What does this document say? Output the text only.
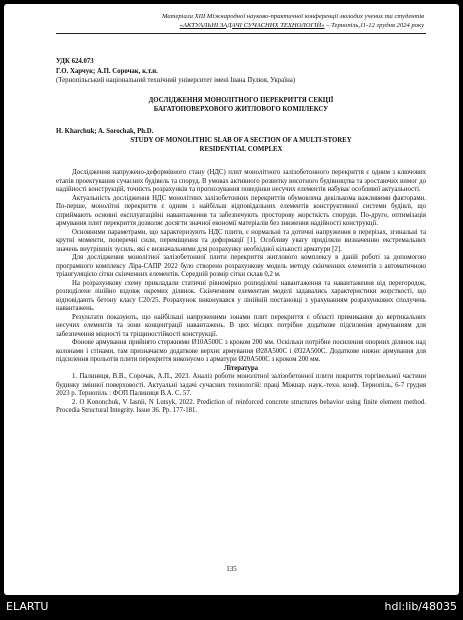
Матеріали XIII Міжнародної науково-практичної конференції молодих учених та студентів
«АКТУАЛЬНІ ЗАДАЧІ СУЧАСНИХ ТЕХНОЛОГІЙ» – Тернопіль,11-12 грудня 2024 року
УДК 624.073
Г.О. Харчук; А.П. Сорочак, к.т.н.
(Тернопільський національний технічний університет імені Івана Пулюя, Україна)
ДОСЛІДЖЕННЯ МОНОЛІТНОГО ПЕРЕКРИТТЯ СЕКЦІЇ
БАГАТОПОВЕРХОВОГО ЖИТЛОВОГО КОМПЛЕКСУ
H. Kharchuk; A. Sorochak, Ph.D.
STUDY OF MONOLITHIC SLAB OF A SECTION OF A MULTI-STOREY
RESIDENTIAL COMPLEX

Дослідження напружено-деформівного стану (НДС) плит монолітного залізобетонного перекриття є одним з ключових етапів проектування сучасних будівель та споруд. В умовах активного розвитку висотного будівництва та зростаючих вимог до надійності конструкцій, точність розрахунків та прогнозування поведінки несучих елементів набуває особливої актуальності.

Актуальність дослідження НДС монолітних залізобетонних перекриттів обумовлена декількома важливими факторами. По-перше, монолітні перекриття є одним з найбільш відповідальних елементів конструктивної системи будівлі, що сприймають основні експлуатаційні навантаження та забезпечують просторову жорсткість споруди. По-друге, оптимізація армування плит перекриття дозволяє досягти значної економії матеріалів без зниження надійності конструкції.

Основними параметрами, що характеризують НДС плити, є нормальні та дотичні напруження в перерізах, згинальні та крутні моменти, поперечні сили, переміщення та деформації [1]. Особливу увагу приділяли визначенню екстремальних значень внутрішніх зусиль, які є визначальними для розрахунку необхідної кількості арматури [2].

Для дослідження монолітної залізобетонної плити перекриття житлового комплексу в даній роботі за допомогою програмного комплексу Ліра-САПР 2022 було створено розрахункову модель методу скінченних елементів з автоматичною тріангуляцією сітки скінченних елементів. Середній розмір сітки склав 0,2 м.

На розрахункову схему прикладали статичні рівномірно розподілені навантаження та навантаження від перегородок, розподілене лінійно вздовж окремих ділянок. Скінченним елементам моделі задавались характеристики жорсткості, що відповідають бетону класу С20/25. Розрахунок виконувався у лінійній постановці з урахуванням розрахункових сполучень навантажень.

Результати показують, що найбільші напруженими зонами плит перекриття є області примикання до вертикальних несучих елементів та зони концентрації навантажень. В цих місцях потрібне додаткове підсилення армуванням для забезпечення міцності та тріщиностійкості конструкції.

Фонове армування прийнято стержнями Ø10А500С з кроком 200 мм. Оскільки потрібне посилення опорних ділянок над колонами і стінами, там призначаємо додаткове верхнє армування Ø28А500С і Ø32А500С. Додаткове нижнє армування для підсилення прольотів плити перекриття виконуємо з арматури Ø20А500С з кроком 200 мм.

Література

1. Палиниця, В.В., Сорочак, А.П., 2023. Аналіз роботи монолітної залізобетонної плити покриття торгівельної частини будинку змінної поверховості. Актуальні задачі сучасних технологій: праці Міжнар. наук.-техн. конф. Тернопіль, 6-7 грудня 2023 р. Тернопіль : ФОП Палиниця В.А. С. 57.

2. O Kononchuk, V Iasnii, N Lutsyk, 2022. Prediction of reinforced concrete structures behavior using finite element method. Procedia Structural Integrity. Issue 36. Pp. 177-181.

135
ELARTU	hdl:lib/48035
